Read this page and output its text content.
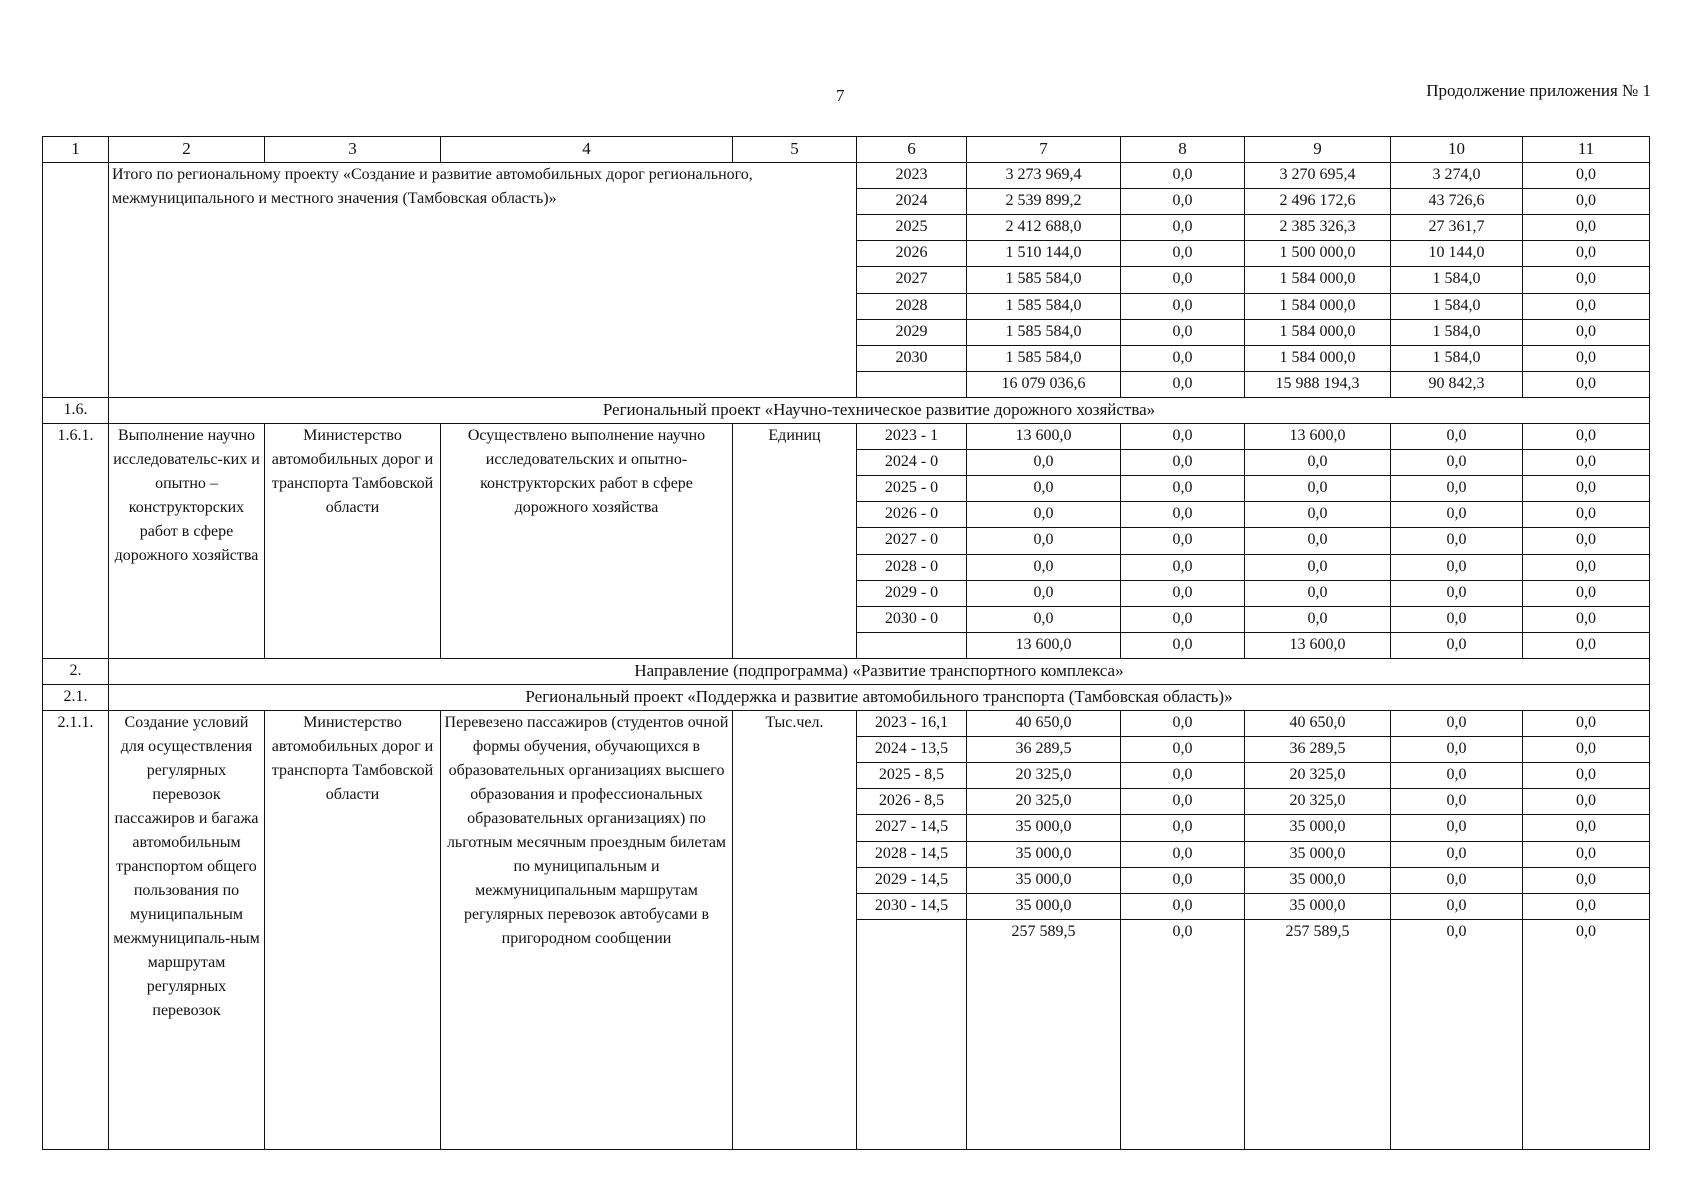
7	Продолжение приложения № 1
1	2	3	4	5	6	7	8	9	10	11
	Итого по региональному проекту «Создание и развитие автомобильных дорог регионального, межмуниципального и местного значения (Тамбовская область)»				2023	3 273 969,4	0,0	3 270 695,4	3 274,0	0,0
					2024	2 539 899,2	0,0	2 496 172,6	43 726,6	0,0
					2025	2 412 688,0	0,0	2 385 326,3	27 361,7	0,0
					2026	1 510 144,0	0,0	1 500 000,0	10 144,0	0,0
					2027	1 585 584,0	0,0	1 584 000,0	1 584,0	0,0
					2028	1 585 584,0	0,0	1 584 000,0	1 584,0	0,0
					2029	1 585 584,0	0,0	1 584 000,0	1 584,0	0,0
					2030	1 585 584,0	0,0	1 584 000,0	1 584,0	0,0
						16 079 036,6	0,0	15 988 194,3	90 842,3	0,0
1.6.	Региональный проект «Научно-техническое развитие дорожного хозяйства»									
1.6.1.	Выполнение научно исследовательс-ких и опытно – конструкторских работ в сфере дорожного хозяйства	Министерство автомобильных дорог и транспорта Тамбовской области	Осуществлено выполнение научно исследовательских и опытно-конструкторских работ в сфере дорожного хозяйства	Единиц	2023 - 1	13 600,0	0,0	13 600,0	0,0	0,0
					2024 - 0	0,0	0,0	0,0	0,0	0,0
					2025 - 0	0,0	0,0	0,0	0,0	0,0
					2026 - 0	0,0	0,0	0,0	0,0	0,0
					2027 - 0	0,0	0,0	0,0	0,0	0,0
					2028 - 0	0,0	0,0	0,0	0,0	0,0
					2029 - 0	0,0	0,0	0,0	0,0	0,0
					2030 - 0	0,0	0,0	0,0	0,0	0,0
						13 600,0	0,0	13 600,0	0,0	0,0
2.	Направление (подпрограмма) «Развитие транспортного комплекса»									
2.1.	Региональный проект «Поддержка и развитие автомобильного транспорта (Тамбовская область)»									
2.1.1.	Создание условий для осуществления регулярных перевозок пассажиров и багажа автомобильным транспортом общего пользования по муниципальным межмуниципаль-ным маршрутам регулярных перевозок	Министерство автомобильных дорог и транспорта Тамбовской области	Перевезено пассажиров (студентов очной формы обучения, обучающихся в образовательных организациях высшего образования и профессиональных образовательных организациях) по льготным месячным проездным билетам по муниципальным и межмуниципальным маршрутам регулярных перевозок автобусами в пригородном сообщении	Тыс.чел.	2023 - 16,1	40 650,0	0,0	40 650,0	0,0	0,0
					2024 - 13,5	36 289,5	0,0	36 289,5	0,0	0,0
					2025 - 8,5	20 325,0	0,0	20 325,0	0,0	0,0
					2026 - 8,5	20 325,0	0,0	20 325,0	0,0	0,0
					2027 - 14,5	35 000,0	0,0	35 000,0	0,0	0,0
					2028 - 14,5	35 000,0	0,0	35 000,0	0,0	0,0
					2029 - 14,5	35 000,0	0,0	35 000,0	0,0	0,0
					2030 - 14,5	35 000,0	0,0	35 000,0	0,0	0,0
						257 589,5	0,0	257 589,5	0,0	0,0
